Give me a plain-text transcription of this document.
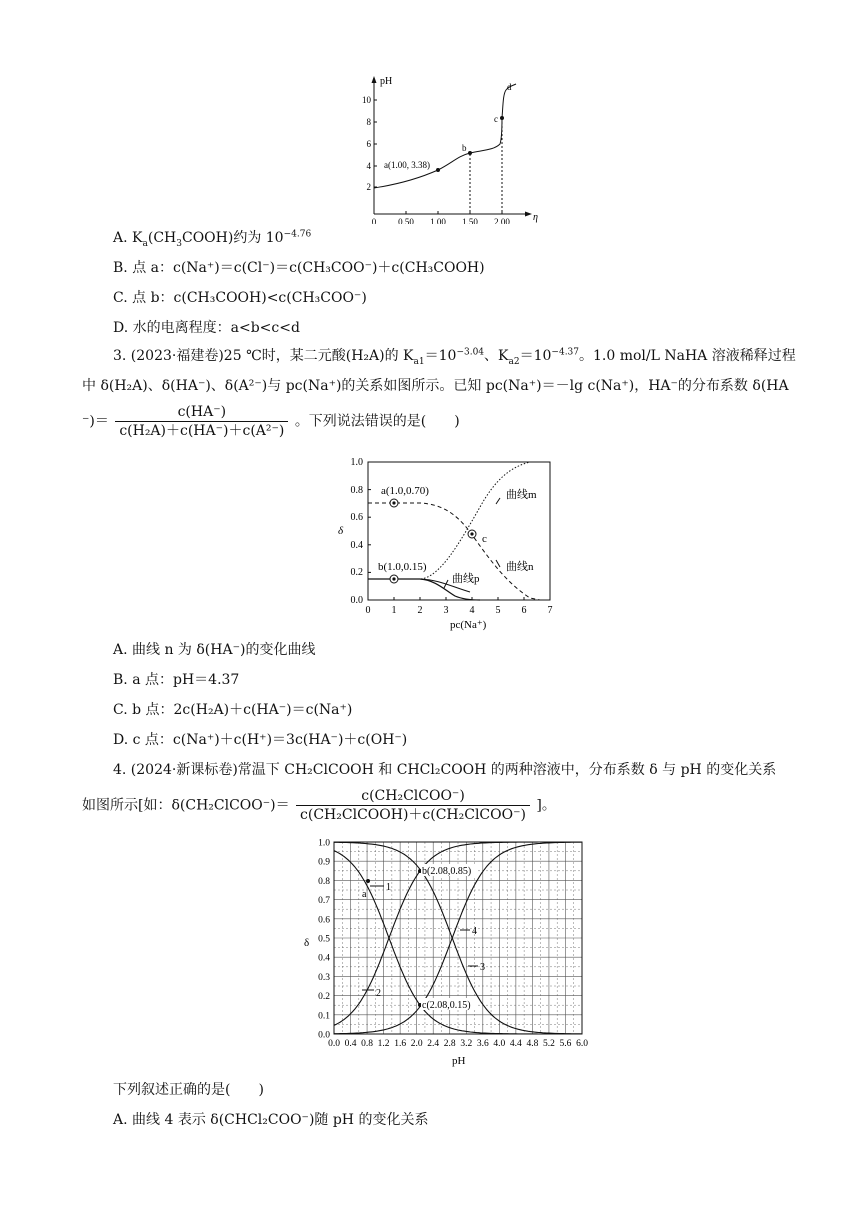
pH
η
2
4
6
8
10
0 0.50 1.00 1.50 2.00
a(1.00, 3.38)
b
c
d
A. $K_a(CH_3COOH)$约为 $10^{-4.76}$
B. 点 a：c(Na⁺)＝c(Cl⁻)＝c(CH₃COO⁻)＋c(CH₃COOH)
C. 点 b：c(CH₃COOH)<c(CH₃COO⁻)
D. 水的电离程度：a<b<c<d
3. (2023·福建卷)25 ℃时，某二元酸(H₂A)的 $K_{a1}=10^{-3.04}$、$K_{a2}=10^{-4.37}$。1.0 mol/L NaHA 溶液稀释过程
中 δ(H₂A)、δ(HA⁻)、δ(A²⁻)与 pc(Na⁺)的关系如图所示。已知 pc(Na⁺)＝－lg c(Na⁺)，HA⁻的分布系数 δ(HA
⁻)＝ $\frac{c(HA^-)}{\text{c(H₂A)＋c(HA⁻)＋c(A²⁻)}}$ 。下列说法错误的是(　　)
0.0
0.2
0.4
0.6
0.8
1.0
0 1 2 3 4 5 6 7
δ
pc(Na⁺)
a(1.0,0.70)
b(1.0,0.15)
c
曲线m
曲线n
曲线p
A. 曲线 n 为 δ(HA⁻)的变化曲线
B. a 点：pH＝4.37
C. b 点：2c(H₂A)＋c(HA⁻)＝c(Na⁺)
D. c 点：c(Na⁺)＋c(H⁺)＝3c(HA⁻)＋c(OH⁻)
4. (2024·新课标卷)常温下 CH₂ClCOOH 和 CHCl₂COOH 的两种溶液中，分布系数 δ 与 pH 的变化关系
如图所示[如：δ(CH₂ClCOO⁻)＝ $\frac{\text{c(CH₂ClCOO⁻)}}{\text{c(CH₂ClCOOH)＋c(CH₂ClCOO⁻)}}$ ]。
0.0
0.1
0.2
0.3
0.4
0.5
0.6
0.7
0.8
0.9
1.0
0.0 0.4 0.8 1.2 1.6 2.0 2.4 2.8 3.2 3.6 4.0 4.4 4.8 5.2 5.6 6.0
δ
pH
a
b(2.08,0.85)
c(2.08,0.15)
1
2
3
4
下列叙述正确的是(　　)
A. 曲线 4 表示 δ(CHCl₂COO⁻)随 pH 的变化关系
